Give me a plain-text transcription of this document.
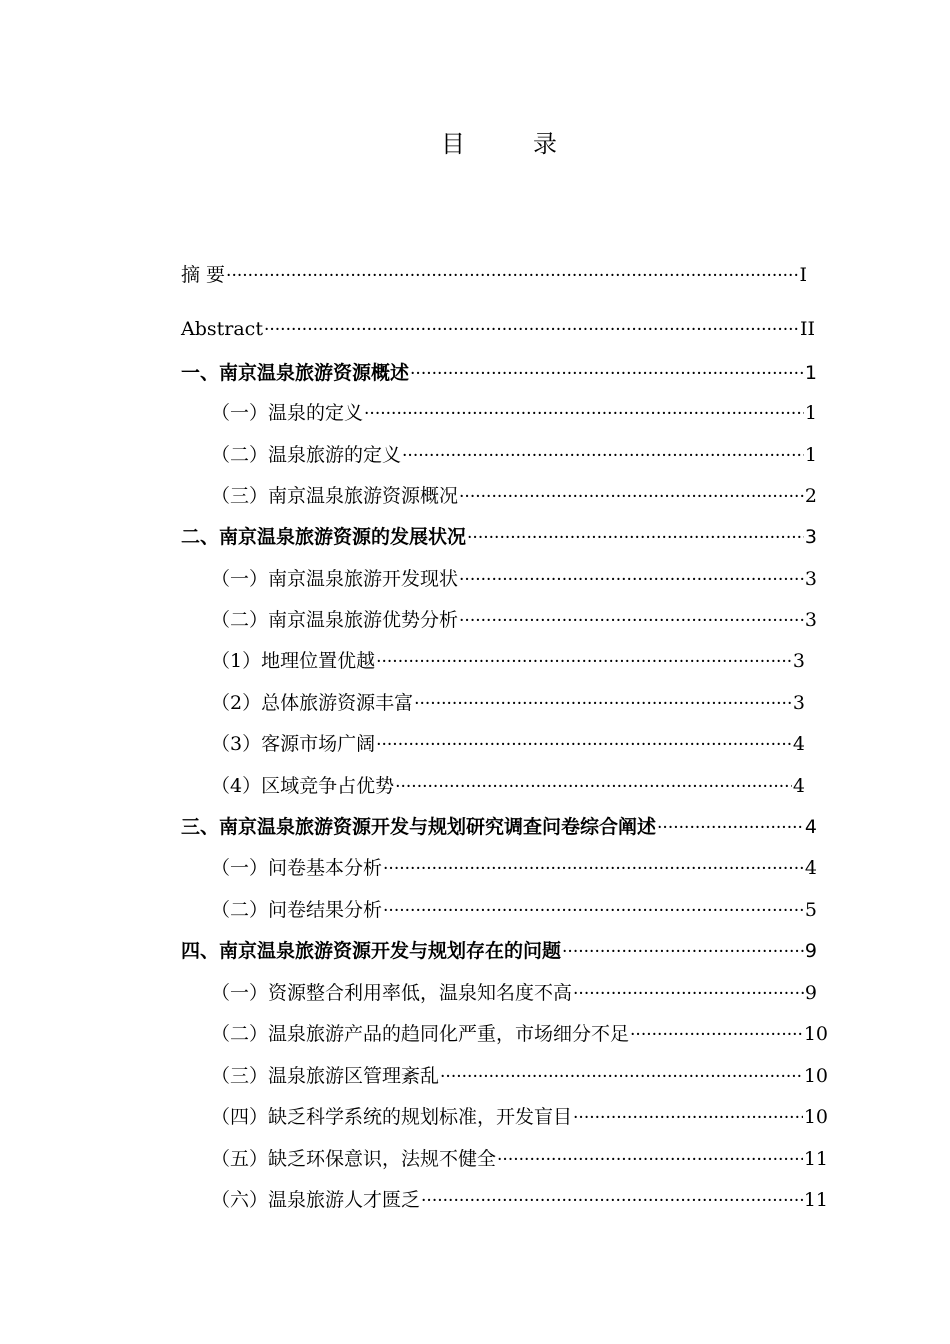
目　录
摘 要 ·····	I
Abstract ·····	II
一、南京温泉旅游资源概述 ·····	1
（一）温泉的定义 ·····	1
（二）温泉旅游的定义 ·····	1
（三）南京温泉旅游资源概况 ·····	2
二、南京温泉旅游资源的发展状况 ·····	3
（一）南京温泉旅游开发现状 ·····	3
（二）南京温泉旅游优势分析 ·····	3
（1）地理位置优越 ·····	3
（2）总体旅游资源丰富 ·····	3
（3）客源市场广阔 ·····	4
（4）区域竞争占优势 ·····	4
三、南京温泉旅游资源开发与规划研究调查问卷综合阐述 ·····	4
（一）问卷基本分析 ·····	4
（二）问卷结果分析 ·····	5
四、南京温泉旅游资源开发与规划存在的问题 ·····	9
（一）资源整合利用率低，温泉知名度不高 ·····	9
（二）温泉旅游产品的趋同化严重，市场细分不足 ·····	10
（三）温泉旅游区管理紊乱 ·····	10
（四）缺乏科学系统的规划标准，开发盲目 ·····	10
（五）缺乏环保意识，法规不健全 ·····	11
（六）温泉旅游人才匮乏 ·····	11
